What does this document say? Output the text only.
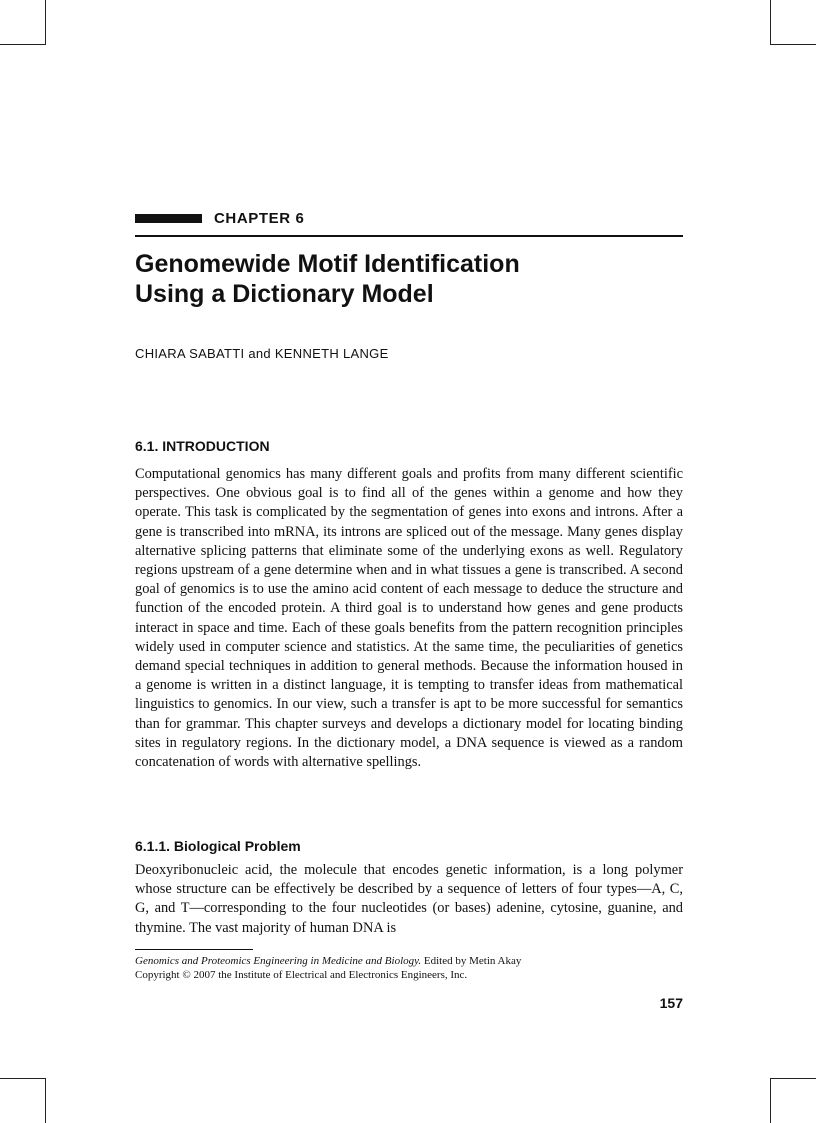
CHAPTER 6
Genomewide Motif Identification
Using a Dictionary Model
CHIARA SABATTI and KENNETH LANGE
6.1. INTRODUCTION

Computational genomics has many different goals and profits from many different scientific perspectives. One obvious goal is to find all of the genes within a genome and how they operate. This task is complicated by the segmentation of genes into exons and introns. After a gene is transcribed into mRNA, its introns are spliced out of the message. Many genes display alternative splicing patterns that eliminate some of the underlying exons as well. Regulatory regions upstream of a gene determine when and in what tissues a gene is transcribed. A second goal of genomics is to use the amino acid content of each message to deduce the structure and function of the encoded protein. A third goal is to understand how genes and gene products interact in space and time. Each of these goals benefits from the pattern recognition principles widely used in computer science and statistics. At the same time, the peculiarities of genetics demand special techniques in addition to general methods. Because the information housed in a genome is written in a distinct language, it is tempting to transfer ideas from mathematical linguistics to genomics. In our view, such a transfer is apt to be more successful for semantics than for grammar. This chapter surveys and develops a dictionary model for locating binding sites in regulatory regions. In the dictionary model, a DNA sequence is viewed as a random concatenation of words with alternative spellings.

6.1.1. Biological Problem

Deoxyribonucleic acid, the molecule that encodes genetic information, is a long polymer whose structure can be effectively be described by a sequence of letters of four types—A, C, G, and T—corresponding to the four nucleotides (or bases) adenine, cytosine, guanine, and thymine. The vast majority of human DNA is

Genomics and Proteomics Engineering in Medicine and Biology. Edited by Metin Akay
Copyright © 2007 the Institute of Electrical and Electronics Engineers, Inc.
157
